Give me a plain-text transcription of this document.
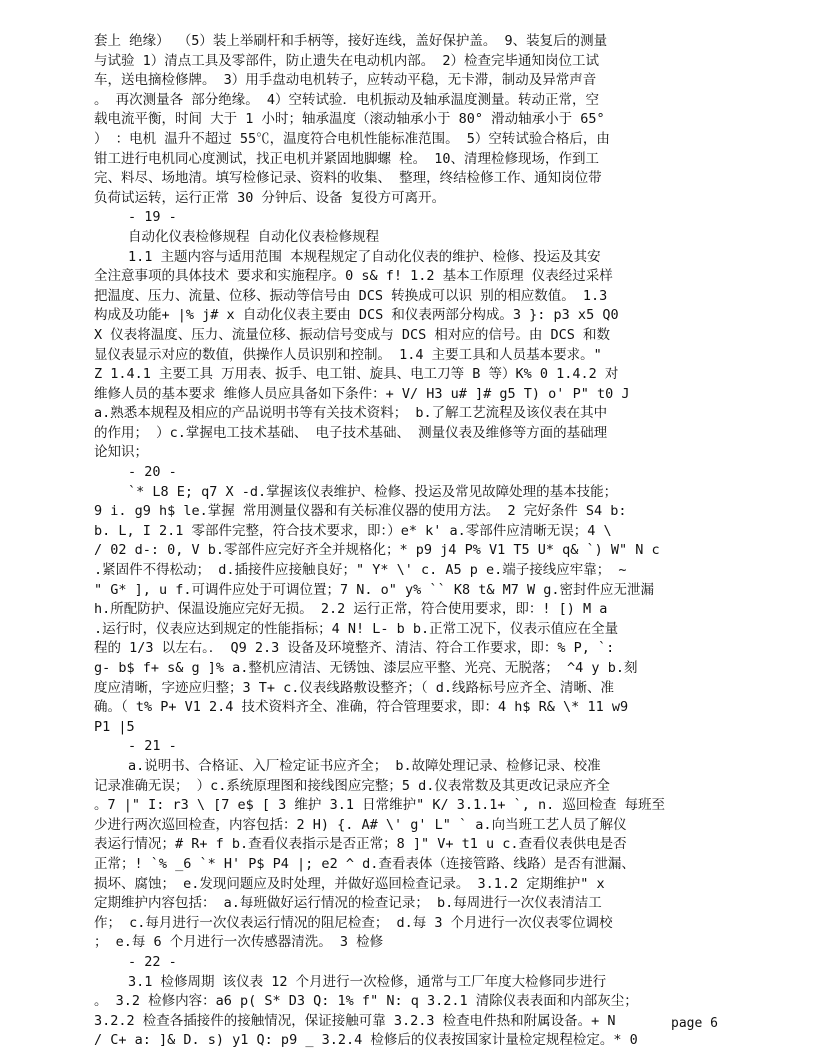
套上 绝缘） （5）装上举刷杆和手柄等，接好连线，盖好保护盖。 9、装复后的测量
与试验 1）清点工具及零部件，防止遗失在电动机内部。 2）检查完毕通知岗位工试
车，送电摘检修牌。 3）用手盘动电机转子，应转动平稳，无卡滞，制动及异常声音
。 再次测量各 部分绝缘。 4）空转试验．电机振动及轴承温度测量。转动正常，空
载电流平衡，时间 大于 1 小时；轴承温度（滚动轴承小于 80° 滑动轴承小于 65°
） ：电机 温升不超过 55℃，温度符合电机性能标准范围。 5）空转试验合格后，由
钳工进行电机同心度测试，找正电机并紧固地脚螺 栓。 10、清理检修现场，作到工
完、料尽、场地清。填写检修记录、资料的收集、 整理，终结检修工作、通知岗位带
负荷试运转，运行正常 30 分钟后、设备 复役方可离开。
- 19 -
自动化仪表检修规程 自动化仪表检修规程
1.1 主题内容与适用范围 本规程规定了自动化仪表的维护、检修、投运及其安
全注意事项的具体技术 要求和实施程序。0 s& f! 1.2 基本工作原理 仪表经过采样
把温度、压力、流量、位移、振动等信号由 DCS 转换成可以识 别的相应数值。 1.3
构成及功能+ |% j# x 自动化仪表主要由 DCS 和仪表两部分构成。3 }: p3 x5 Q0
X 仪表将温度、压力、流量位移、振动信号变成与 DCS 相对应的信号。由 DCS 和数
显仪表显示对应的数值，供操作人员识别和控制。 1.4 主要工具和人员基本要求。"
Z 1.4.1 主要工具 万用表、扳手、电工钳、旋具、电工刀等 B 等）K% 0 1.4.2 对
维修人员的基本要求 维修人员应具备如下条件：+ V/ H3 u# ]# g5 T) o' P" t0 J
a.熟悉本规程及相应的产品说明书等有关技术资料； b.了解工艺流程及该仪表在其中
的作用； ）c.掌握电工技术基础、 电子技术基础、 测量仪表及维修等方面的基础理
论知识；
- 20 -
`* L8 E; q7 X -d.掌握该仪表维护、检修、投运及常见故障处理的基本技能；
9 i. g9 h$ le.掌握 常用测量仪器和有关标准仪器的使用方法。 2 完好条件 S4 b:
b. L, I 2.1 零部件完整，符合技术要求，即：）e* k' a.零部件应清晰无误；4 \
/ 02 d-: 0, V b.零部件应完好齐全并规格化；* p9 j4 P% V1 T5 U* q& `) W" N c
.紧固件不得松动； d.插接件应接触良好；" Y* \' c. A5 p e.端子接线应牢靠； ~
" G* ], u f.可调件应处于可调位置；7 N. o" y% `` K8 t& M7 W g.密封件应无泄漏
h.所配防护、保温设施应完好无损。 2.2 运行正常，符合使用要求，即：! [) M a
.运行时，仪表应达到规定的性能指标；4 N! L- b b.正常工况下，仪表示值应在全量
程的 1/3 以左右。． Q9 2.3 设备及环境整齐、清洁、符合工作要求，即：% P, `:
g- b$ f+ s& g ]% a.整机应清洁、无锈蚀、漆层应平整、光亮、无脱落； ^4 y b.刻
度应清晰，字迹应归整；3 T+ c.仪表线路敷设整齐；（ d.线路标号应齐全、清晰、准
确。（ t% P+ V1 2.4 技术资料齐全、准确，符合管理要求，即：4 h$ R& \* 11 w9
P1 |5
- 21 -
a.说明书、合格证、入厂检定证书应齐全； b.故障处理记录、检修记录、校准
记录准确无误； ）c.系统原理图和接线图应完整；5 d.仪表常数及其更改记录应齐全
。7 |" I: r3 \ [7 e$ [ 3 维护 3.1 日常维护" K/ 3.1.1+ `, n. 巡回检查 每班至
少进行两次巡回检查，内容包括：2 H) {. A# \' g' L" ` a.向当班工艺人员了解仪
表运行情况；# R+ f b.查看仪表指示是否正常；8 ]" V+ t1 u c.查看仪表供电是否
正常；! `% _6 `* H' P$ P4 |; e2 ^ d.查看表体（连接管路、线路）是否有泄漏、
损坏、腐蚀； e.发现问题应及时处理，并做好巡回检查记录。 3.1.2 定期维护" x
定期维护内容包括： a.每班做好运行情况的检查记录； b.每周进行一次仪表清洁工
作； c.每月进行一次仪表运行情况的阻尼检查； d.每 3 个月进行一次仪表零位调校
； e.每 6 个月进行一次传感器清洗。 3 检修
- 22 -
3.1 检修周期 该仪表 12 个月进行一次检修，通常与工厂年度大检修同步进行
。 3.2 检修内容：a6 p( S* D3 Q: 1% f" N: q 3.2.1 清除仪表表面和内部灰尘；
3.2.2 检查各插接件的接触情况，保证接触可靠 3.2.3 检查电件热和附属设备。+ N
/ C+ a: ]& D. s) y1 Q: p9 _ 3.2.4 检修后的仪表按国家计量检定规程检定。* 0
page 6
